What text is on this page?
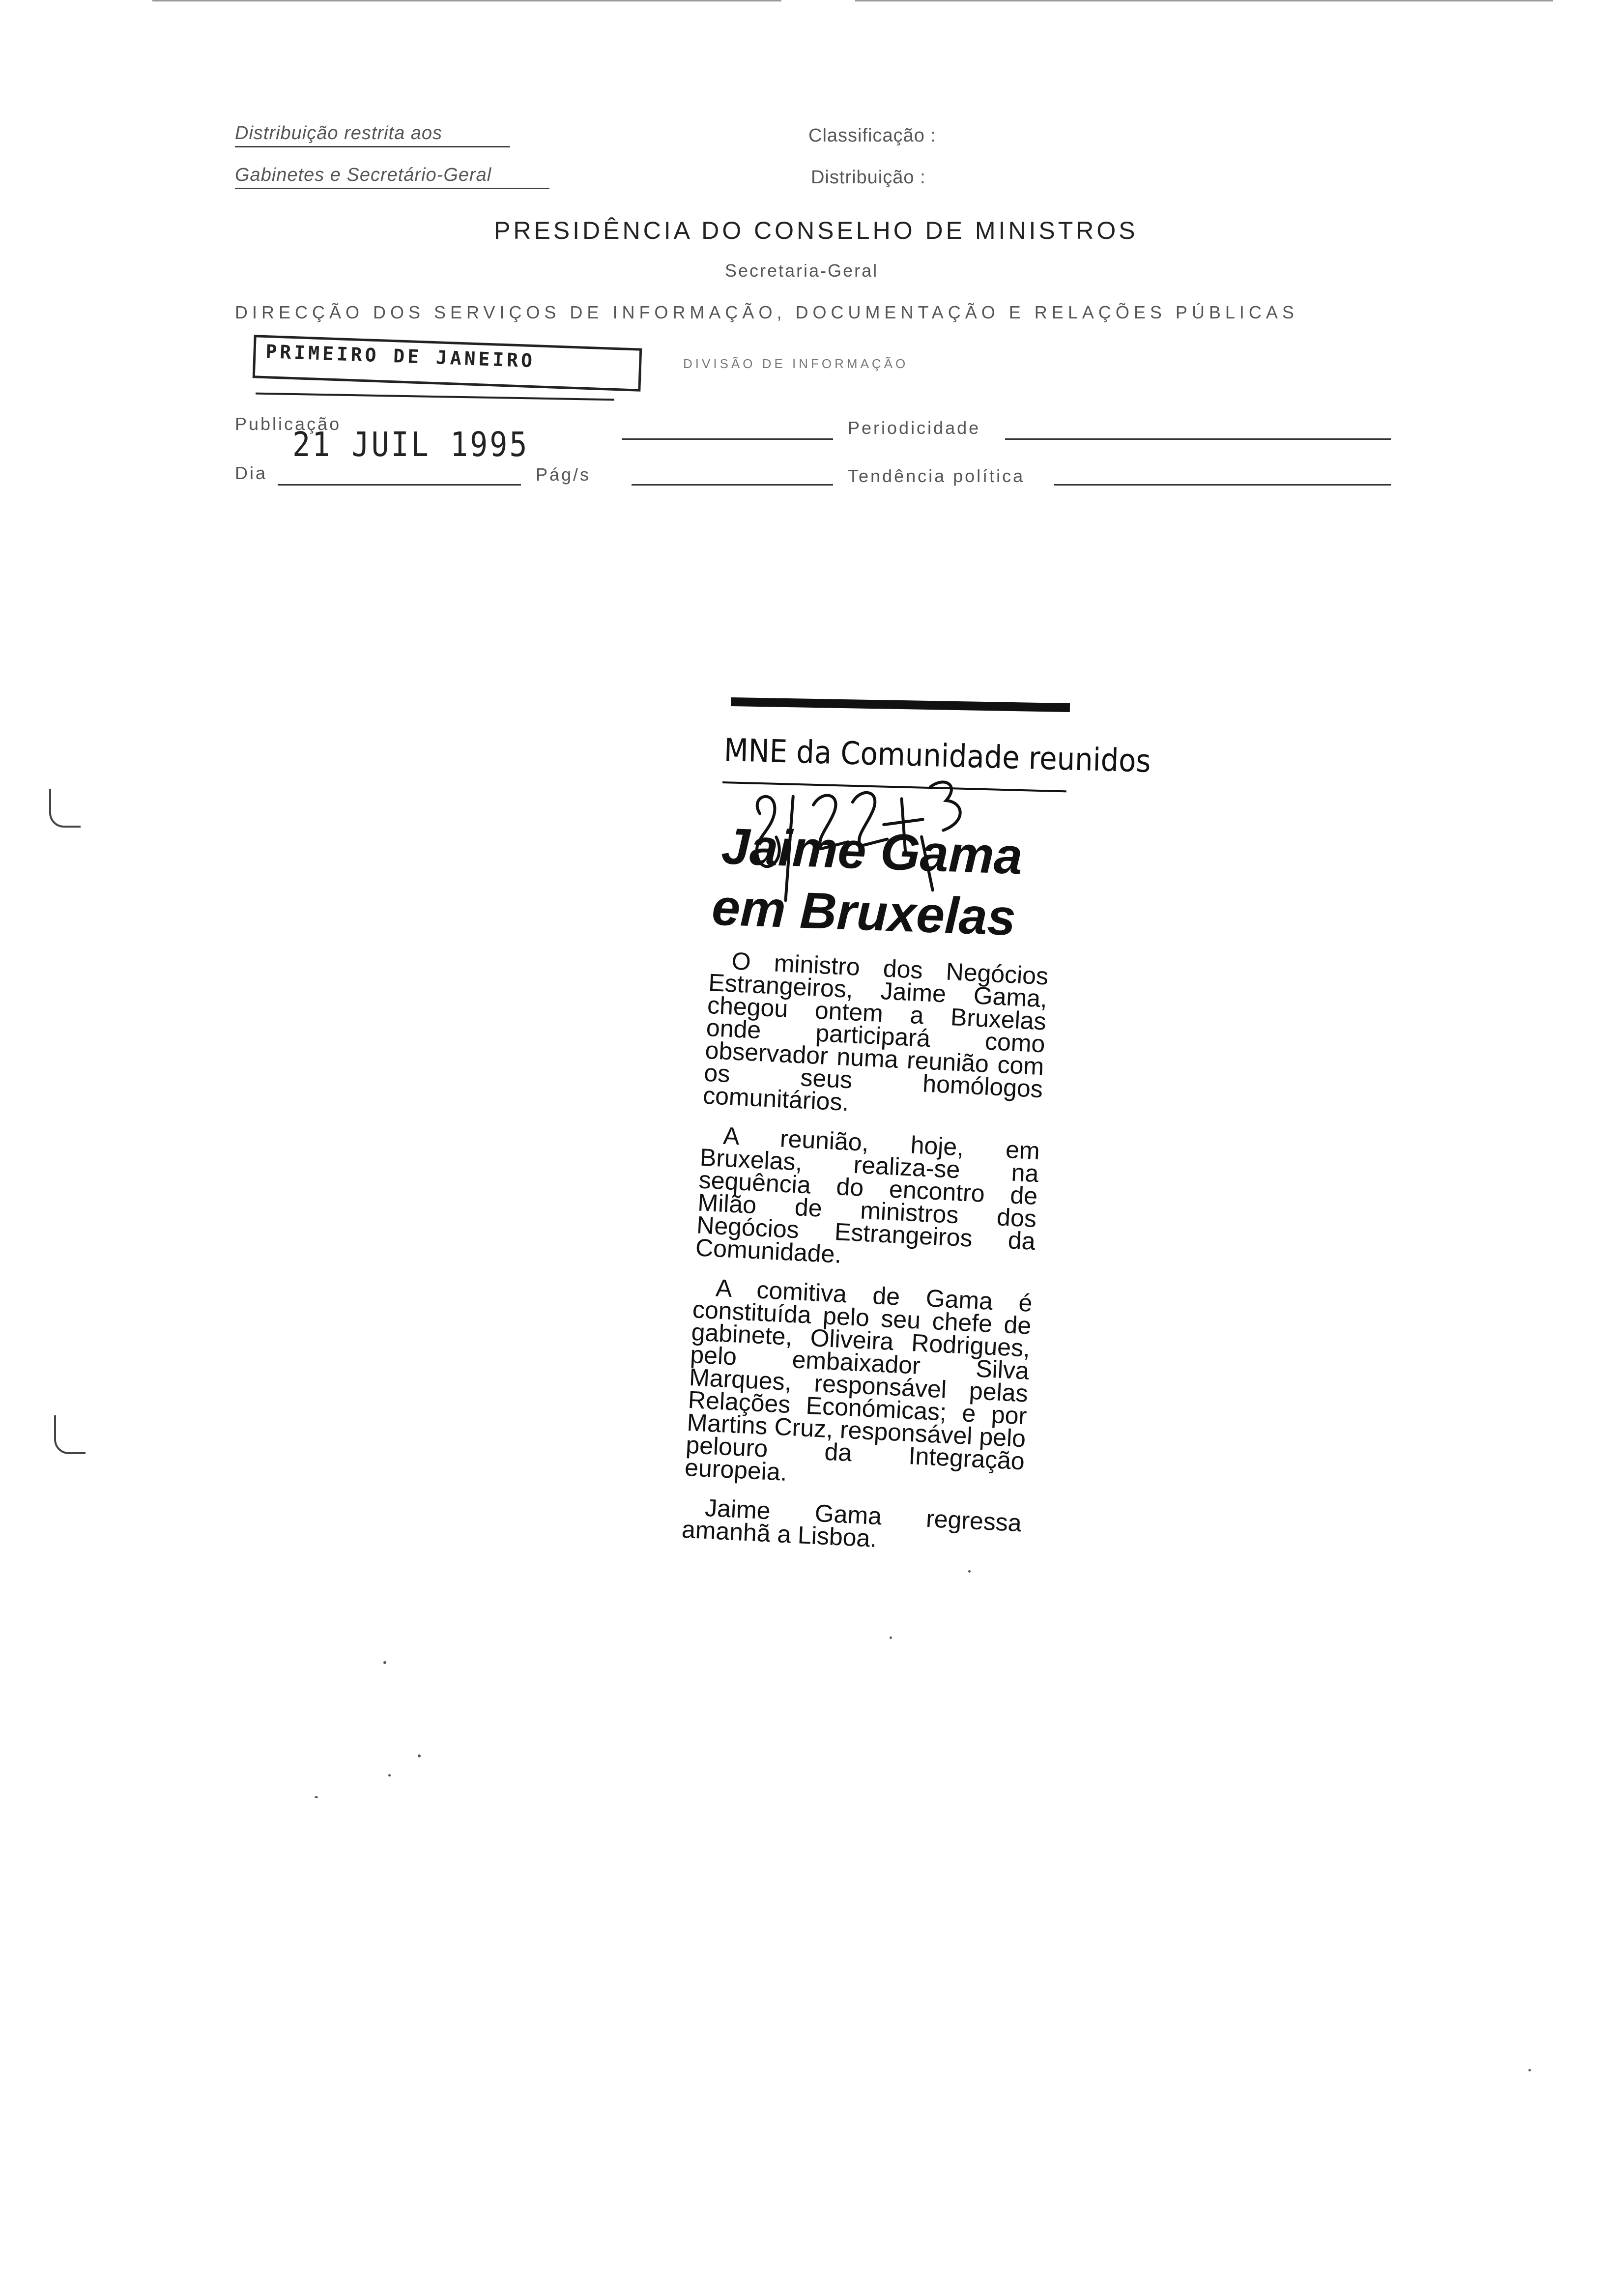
Distribuição restrita aos
Gabinetes e Secretário-Geral
Classificação :
Distribuição :
PRESIDÊNCIA DO CONSELHO DE MINISTROS
Secretaria-Geral
DIRECÇÃO DOS SERVIÇOS DE INFORMAÇÃO, DOCUMENTAÇÃO E RELAÇÕES PÚBLICAS
DIVISÃO DE INFORMAÇÃO
PRIMEIRO DE JANEIRO
Publicação	Periodicidade
21 JUIL 1995
Dia	Pág/s	Tendência política
MNE da Comunidade reunidos
Jaime Gama
em Bruxelas

O ministro dos Negócios Estrangeiros, Jaime Gama, chegou ontem a Bruxelas onde participará como observador numa reunião com os seus homólogos comunitários.

A reunião, hoje, em Bruxelas, realiza-se na sequência do encontro de Milão de ministros dos Negócios Estrangeiros da Comunidade.

A comitiva de Gama é constituída pelo seu chefe de gabinete, Oliveira Rodrigues, pelo embaixador Silva Marques, responsável pelas Relações Económicas; e por Martins Cruz, responsável pelo pelouro da Integração europeia.

Jaime Gama regressa amanhã a Lisboa.
